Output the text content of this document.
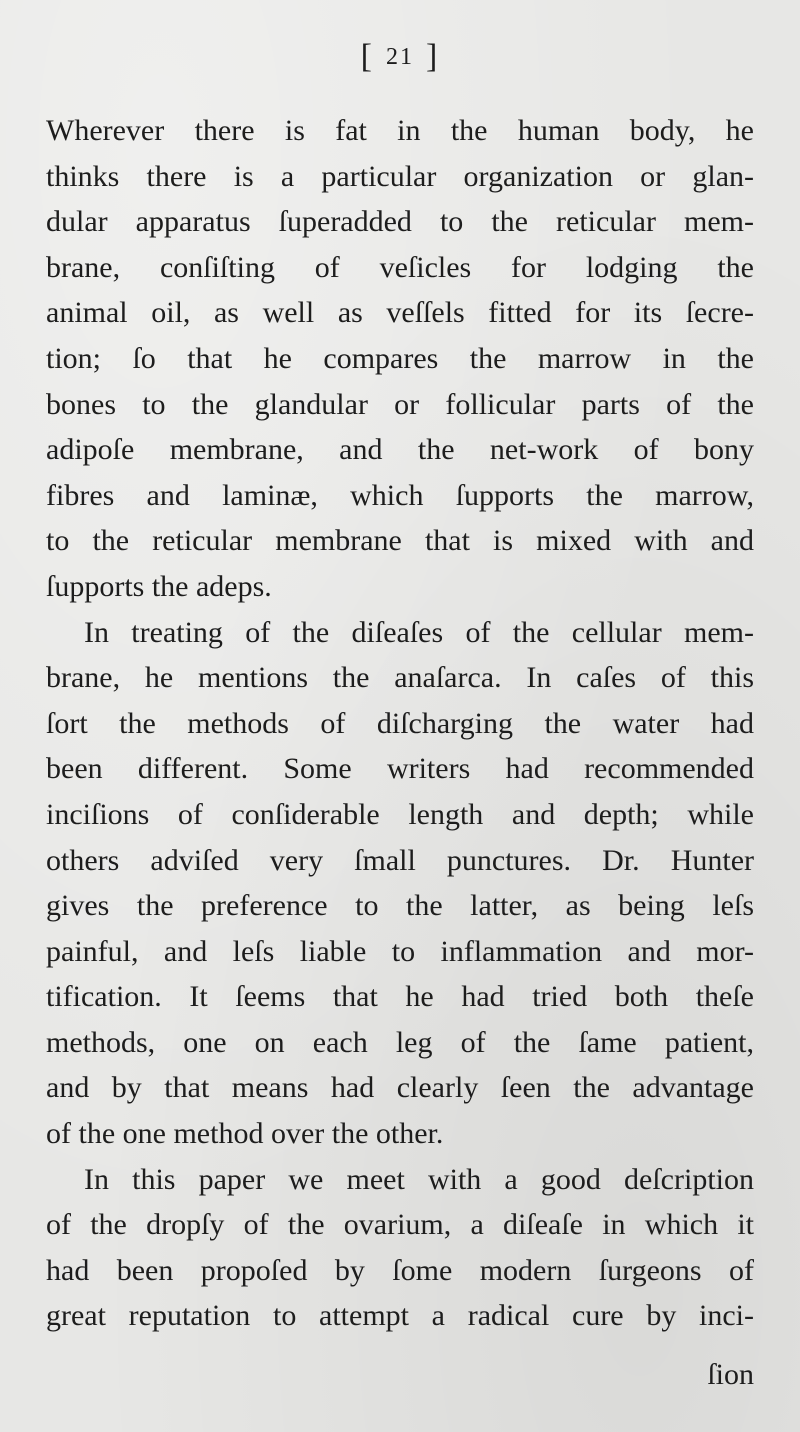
[ 21 ]
Wherever there is fat in the human body, he
thinks there is a particular organization or glan-
dular apparatus ſuperadded to the reticular mem-
brane, conſiſting of veſicles for lodging the
animal oil, as well as veſſels fitted for its ſecre-
tion; ſo that he compares the marrow in the
bones to the glandular or follicular parts of the
adipoſe membrane, and the net-work of bony
fibres and laminæ, which ſupports the marrow,
to the reticular membrane that is mixed with and
ſupports the adeps.
In treating of the diſeaſes of the cellular mem-
brane, he mentions the anaſarca. In caſes of this
ſort the methods of diſcharging the water had
been different. Some writers had recommended
inciſions of conſiderable length and depth; while
others adviſed very ſmall punctures. Dr. Hunter
gives the preference to the latter, as being leſs
painful, and leſs liable to inflammation and mor-
tification. It ſeems that he had tried both theſe
methods, one on each leg of the ſame patient,
and by that means had clearly ſeen the advantage
of the one method over the other.
In this paper we meet with a good deſcription
of the dropſy of the ovarium, a diſeaſe in which it
had been propoſed by ſome modern ſurgeons of
great reputation to attempt a radical cure by inci-
ſion
